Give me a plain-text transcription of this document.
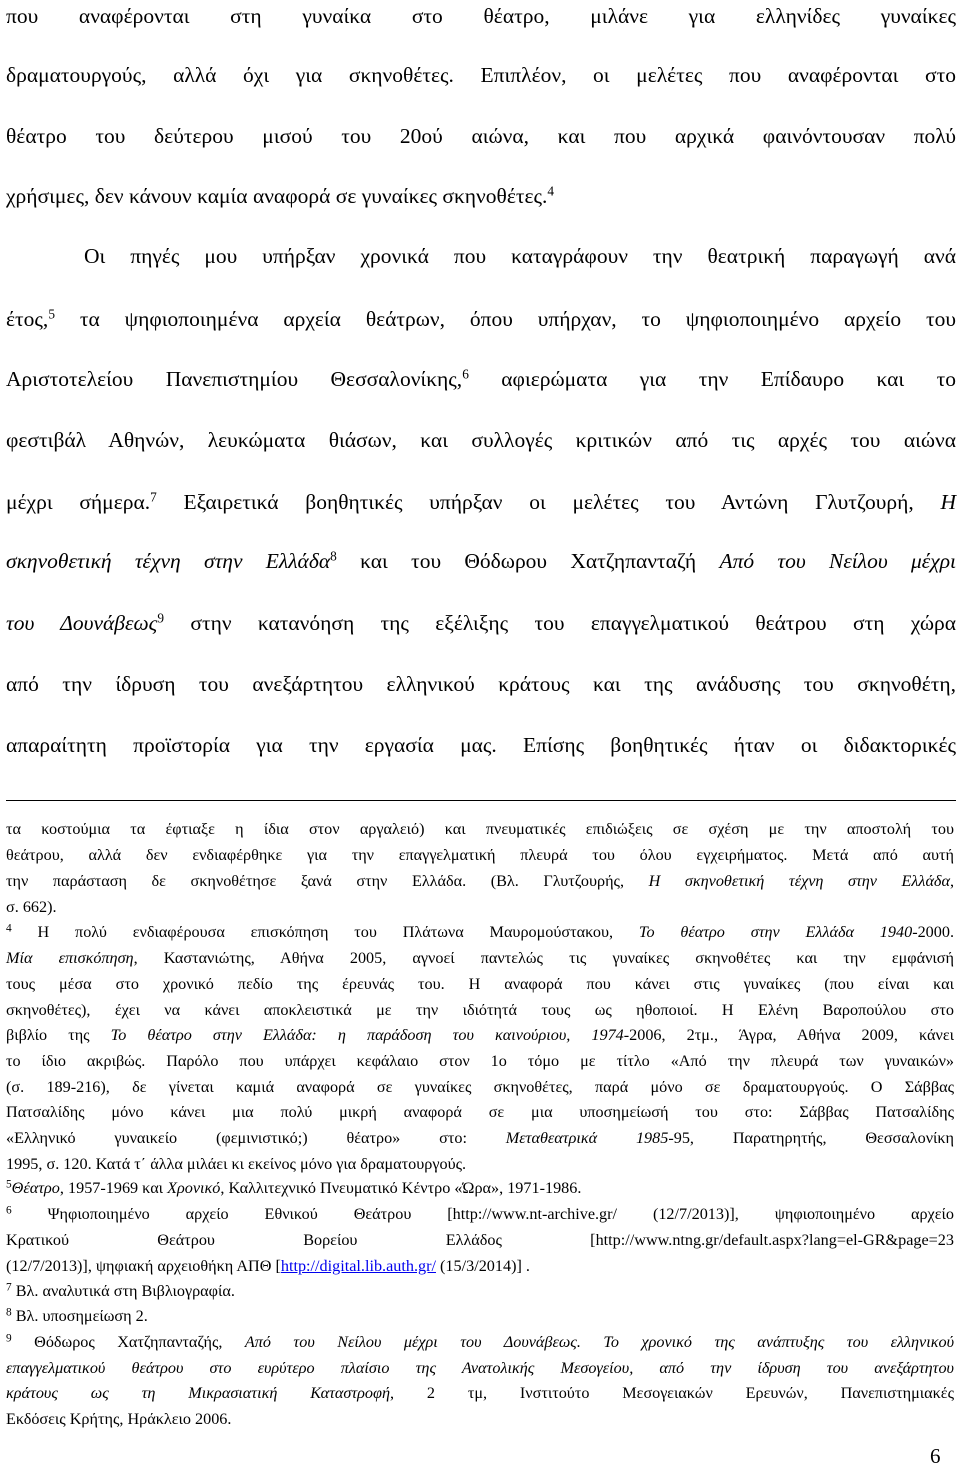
που αναφέρονται στη γυναίκα στο θέατρο, μιλάνε για ελληνίδες γυναίκες
δραματουργούς, αλλά όχι για σκηνοθέτες. Επιπλέον, οι μελέτες που αναφέρονται στο
θέατρο του δεύτερου μισού του 20ού αιώνα, και που αρχικά φαινόντουσαν πολύ
χρήσιμες, δεν κάνουν καμία αναφορά σε γυναίκες σκηνοθέτες.$^4$
Οι πηγές μου υπήρξαν χρονικά που καταγράφουν την θεατρική παραγωγή ανά
έτος,$^5$ τα ψηφιοποιημένα αρχεία θεάτρων, όπου υπήρχαν, το ψηφιοποιημένο αρχείο του
Αριστοτελείου Πανεπιστημίου Θεσσαλονίκης,$^6$ αφιερώματα για την Επίδαυρο και το
φεστιβάλ Αθηνών, λευκώματα θιάσων, και συλλογές κριτικών από τις αρχές του αιώνα
μέχρι σήμερα.$^7$ Εξαιρετικά βοηθητικές υπήρξαν οι μελέτες του Αντώνη Γλυτζουρή, Η
σκηνοθετική τέχνη στην Ελλάδα$^8$ και του Θόδωρου Χατζηπανταζή Από του Νείλου μέχρι
του Δουνάβεως$^9$ στην κατανόηση της εξέλιξης του επαγγελματικού θεάτρου στη χώρα
από την ίδρυση του ανεξάρτητου ελληνικού κράτους και της ανάδυσης του σκηνοθέτη,
απαραίτητη προϊστορία για την εργασία μας. Επίσης βοηθητικές ήταν οι διδακτορικές
τα κοστούμια τα έφτιαξε η ίδια στον αργαλειό) και πνευματικές επιδιώξεις σε σχέση με την αποστολή του
θεάτρου, αλλά δεν ενδιαφέρθηκε για την επαγγελματική πλευρά του όλου εγχειρήματος. Μετά από αυτή
την παράσταση δε σκηνοθέτησε ξανά στην Ελλάδα. (Βλ. Γλυτζουρής, Η σκηνοθετική τέχνη στην Ελλάδα,
σ. 662).
$^4$ Η πολύ ενδιαφέρουσα επισκόπηση του Πλάτωνα Μαυρομούστακου, Το θέατρο στην Ελλάδα 1940-2000.
Μία επισκόπηση, Καστανιώτης, Αθήνα 2005, αγνοεί παντελώς τις γυναίκες σκηνοθέτες και την εμφάνισή
τους μέσα στο χρονικό πεδίο της έρευνάς του. Η αναφορά που κάνει στις γυναίκες (που είναι και
σκηνοθέτες), έχει να κάνει αποκλειστικά με την ιδιότητά τους ως ηθοποιοί. Η Ελένη Βαροπούλου στο
βιβλίο της Το θέατρο στην Ελλάδα: η παράδοση του καινούριου, 1974-2006, 2τμ., Άγρα, Αθήνα 2009, κάνει
το ίδιο ακριβώς. Παρόλο που υπάρχει κεφάλαιο στον 1ο τόμο με τίτλο «Από την πλευρά των γυναικών»
(σ. 189-216), δε γίνεται καμιά αναφορά σε γυναίκες σκηνοθέτες, παρά μόνο σε δραματουργούς. Ο Σάββας
Πατσαλίδης μόνο κάνει μια πολύ μικρή αναφορά σε μια υποσημείωσή του στο: Σάββας Πατσαλίδης
«Ελληνικό γυναικείο (φεμινιστικό;) θέατρο» στο: Μεταθεατρικά 1985-95, Παρατηρητής, Θεσσαλονίκη
1995, σ. 120. Κατά τ΄ άλλα μιλάει κι εκείνος μόνο για δραματουργούς.
$^5$Θέατρο, 1957-1969 και Χρονικό, Καλλιτεχνικό Πνευματικό Κέντρο «Ώρα», 1971-1986.
$^6$ Ψηφιοποιημένο αρχείο Εθνικού Θεάτρου [http://www.nt-archive.gr/ (12/7/2013)], ψηφιοποιημένο αρχείο
Κρατικού Θεάτρου Βορείου Ελλάδος [http://www.ntng.gr/default.aspx?lang=el-GR&page=23
(12/7/2013)], ψηφιακή αρχειοθήκη ΑΠΘ [http://digital.lib.auth.gr/ (15/3/2014)] .
$^7$ Βλ. αναλυτικά στη Βιβλιογραφία.
$^8$ Βλ. υποσημείωση 2.
$^9$ Θόδωρος Χατζηπανταζής, Από του Νείλου μέχρι του Δουνάβεως. Το χρονικό της ανάπτυξης του ελληνικού
επαγγελματικού θεάτρου στο ευρύτερο πλαίσιο της Ανατολικής Μεσογείου, από την ίδρυση του ανεξάρτητου
κράτους ως τη Μικρασιατική Καταστροφή, 2 τμ, Ινστιτούτο Μεσογειακών Ερευνών, Πανεπιστημιακές
Εκδόσεις Κρήτης, Ηράκλειο 2006.
6
